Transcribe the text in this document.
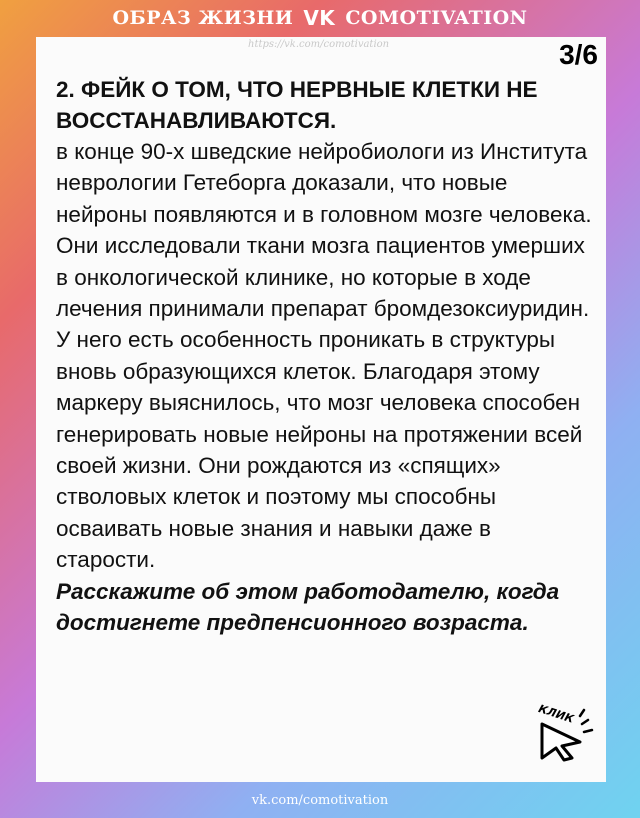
ОБРАЗ ЖИЗНИ VK COMOTIVATION
https://vk.com/comotivation	3/6

2. ФЕЙК О ТОМ, ЧТО НЕРВНЫЕ КЛЕТКИ НЕ ВОССТАНАВЛИВАЮТСЯ.

в конце 90-х шведские нейробиологи из Института неврологии Гетеборга доказали, что новые нейроны появляются и в головном мозге человека. Они исследовали ткани мозга пациентов умерших в онкологической клинике, но которые в ходе лечения принимали препарат бромдезоксиуридин. У него есть особенность проникать в структуры вновь образующихся клеток. Благодаря этому маркеру выяснилось, что мозг человека способен генерировать новые нейроны на протяжении всей своей жизни. Они рождаются из «спящих» стволовых клеток и поэтому мы способны осваивать новые знания и навыки даже в старости.

Расскажите об этом работодателю, когда достигнете предпенсионного возраста.

КЛИК
vk.com/comotivation
